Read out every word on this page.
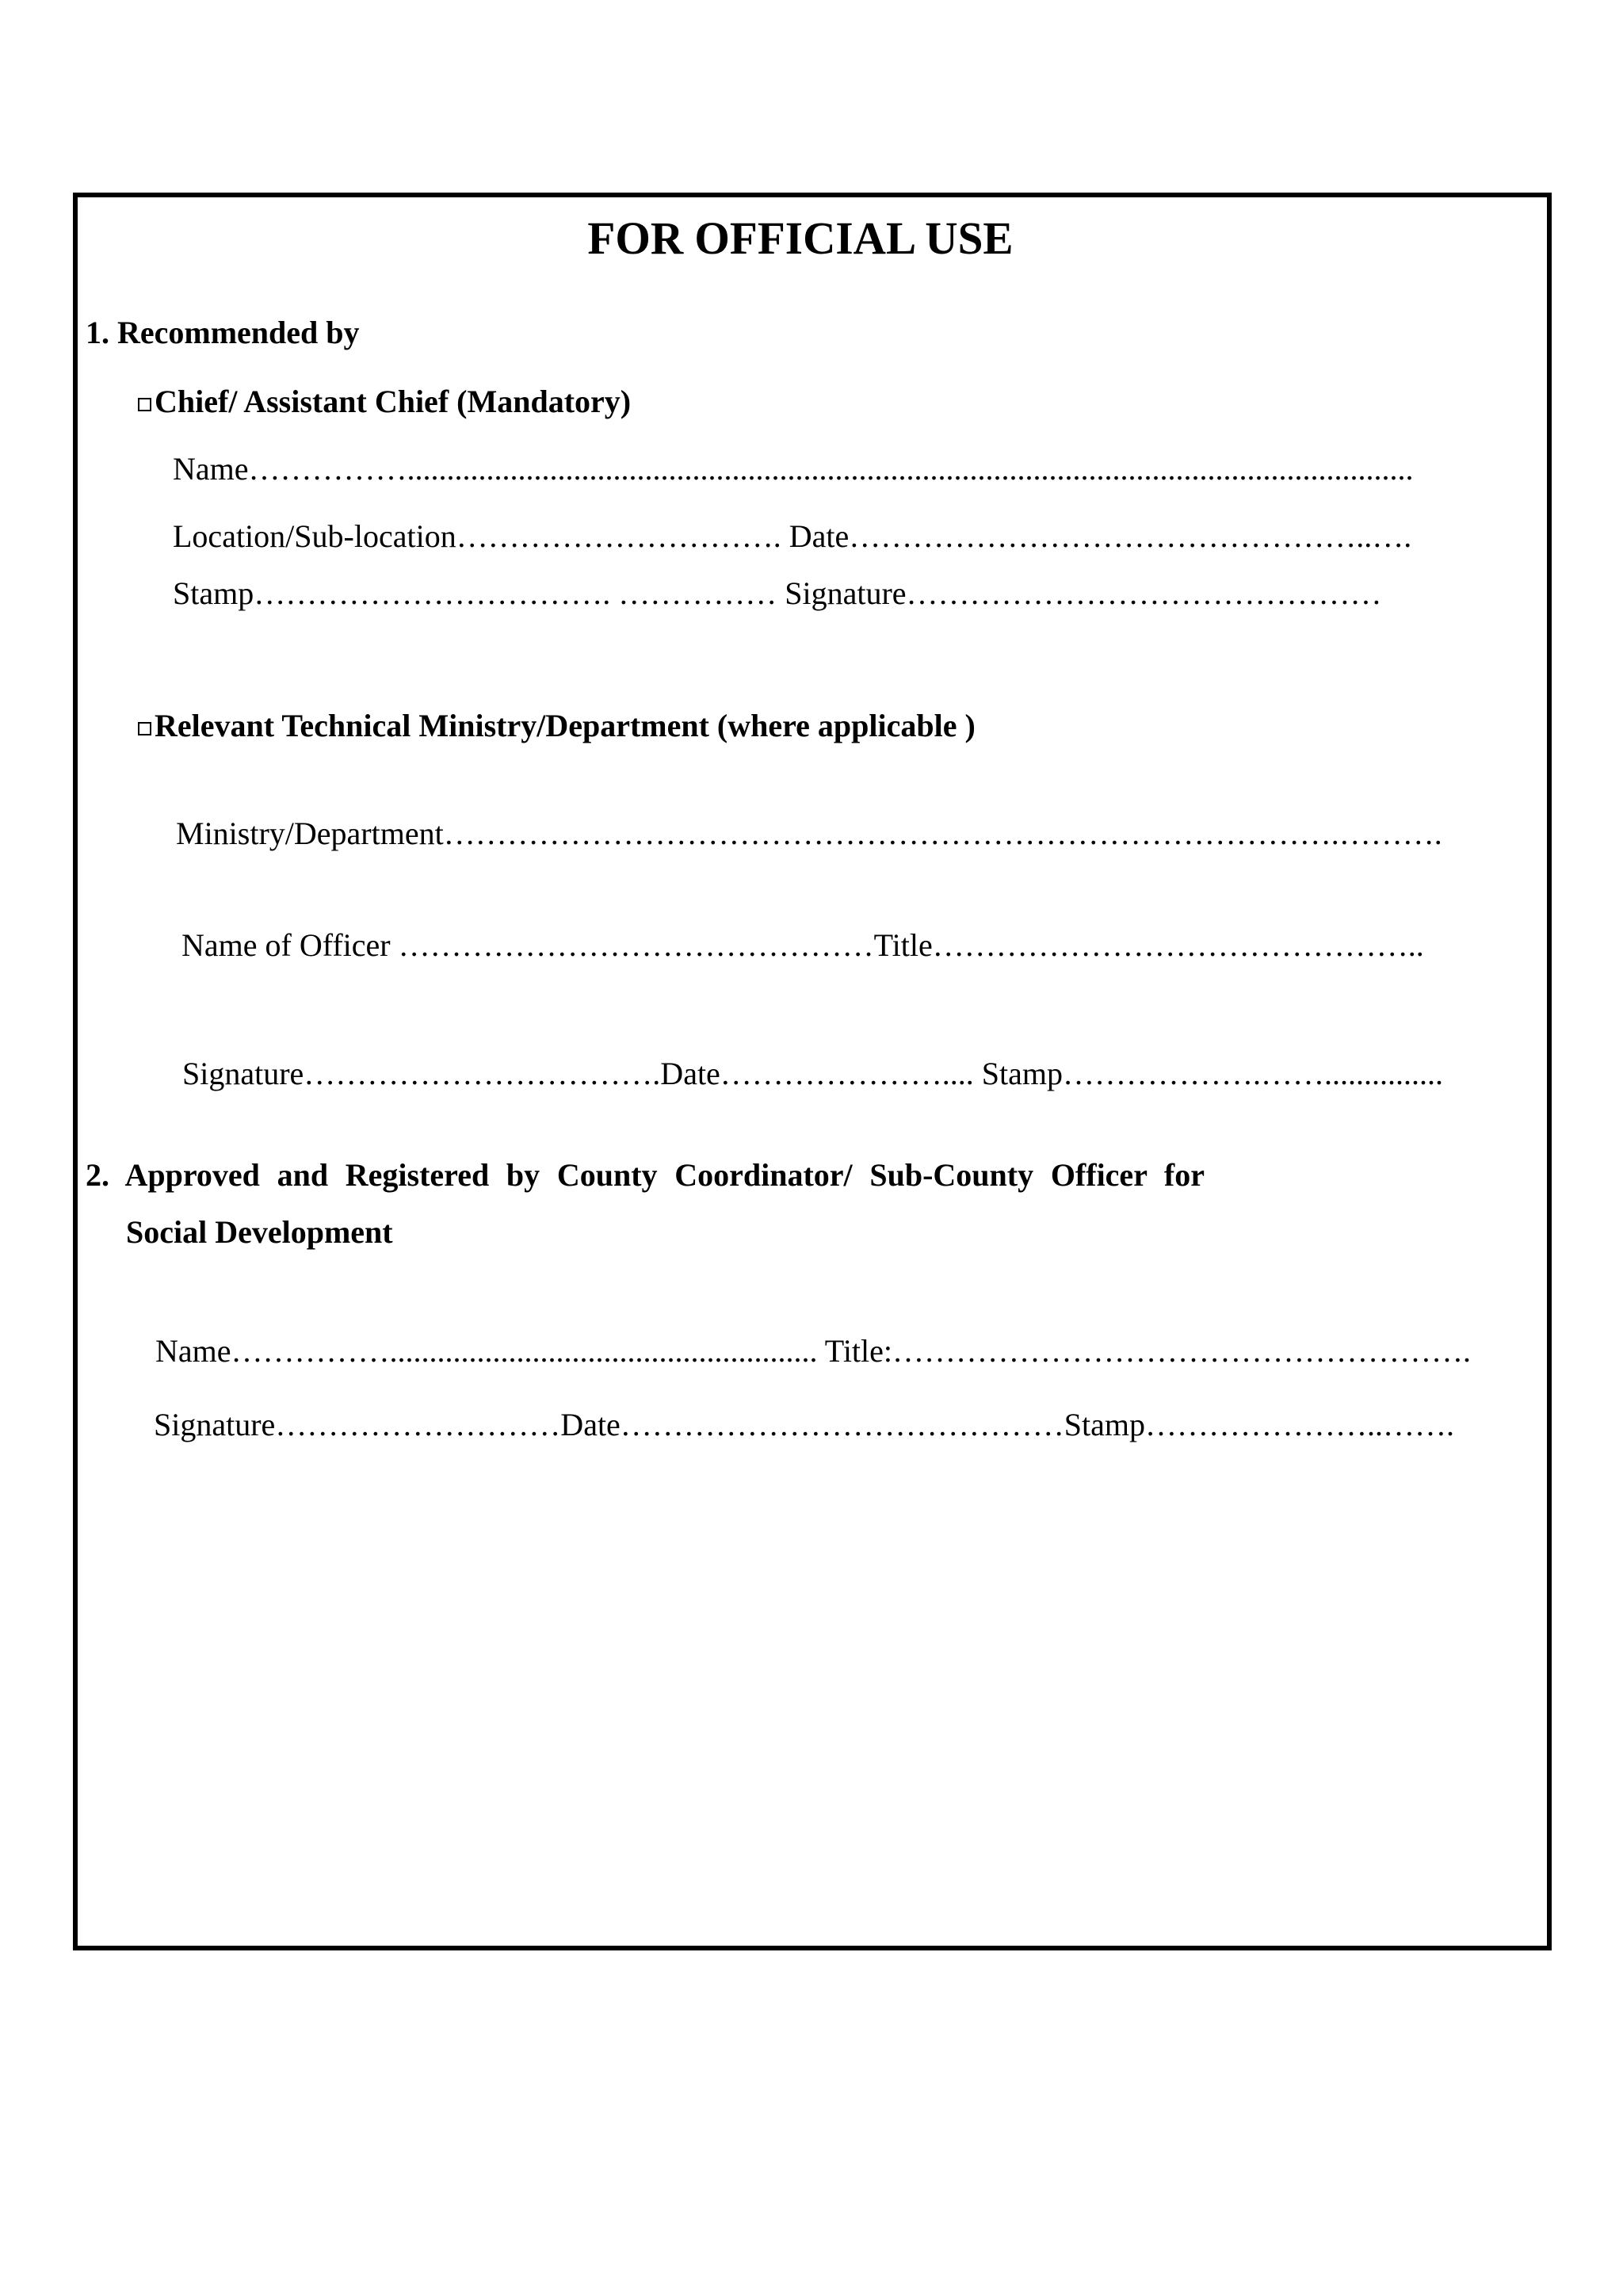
FOR OFFICIAL USE
1. Recommended by
Chief/ Assistant Chief (Mandatory)
Name……………...............................................................................................................................
Location/Sub-location…………………………. Date…………………………………………..….
Stamp……………………………. …………… Signature………………………………………
Relevant Technical Ministry/Department (where applicable )
Ministry/Department………………………………………………………………………….……….
Name of Officer ………………………………………Title………………………………………..
Signature…………………………….Date………………….... Stamp……………….……...............
2. Approved and Registered by County Coordinator/ Sub-County Officer for
Social Development
Name……………...................................................... Title:……………………………………………….
Signature………………………Date……………………………………Stamp…………………..…….
